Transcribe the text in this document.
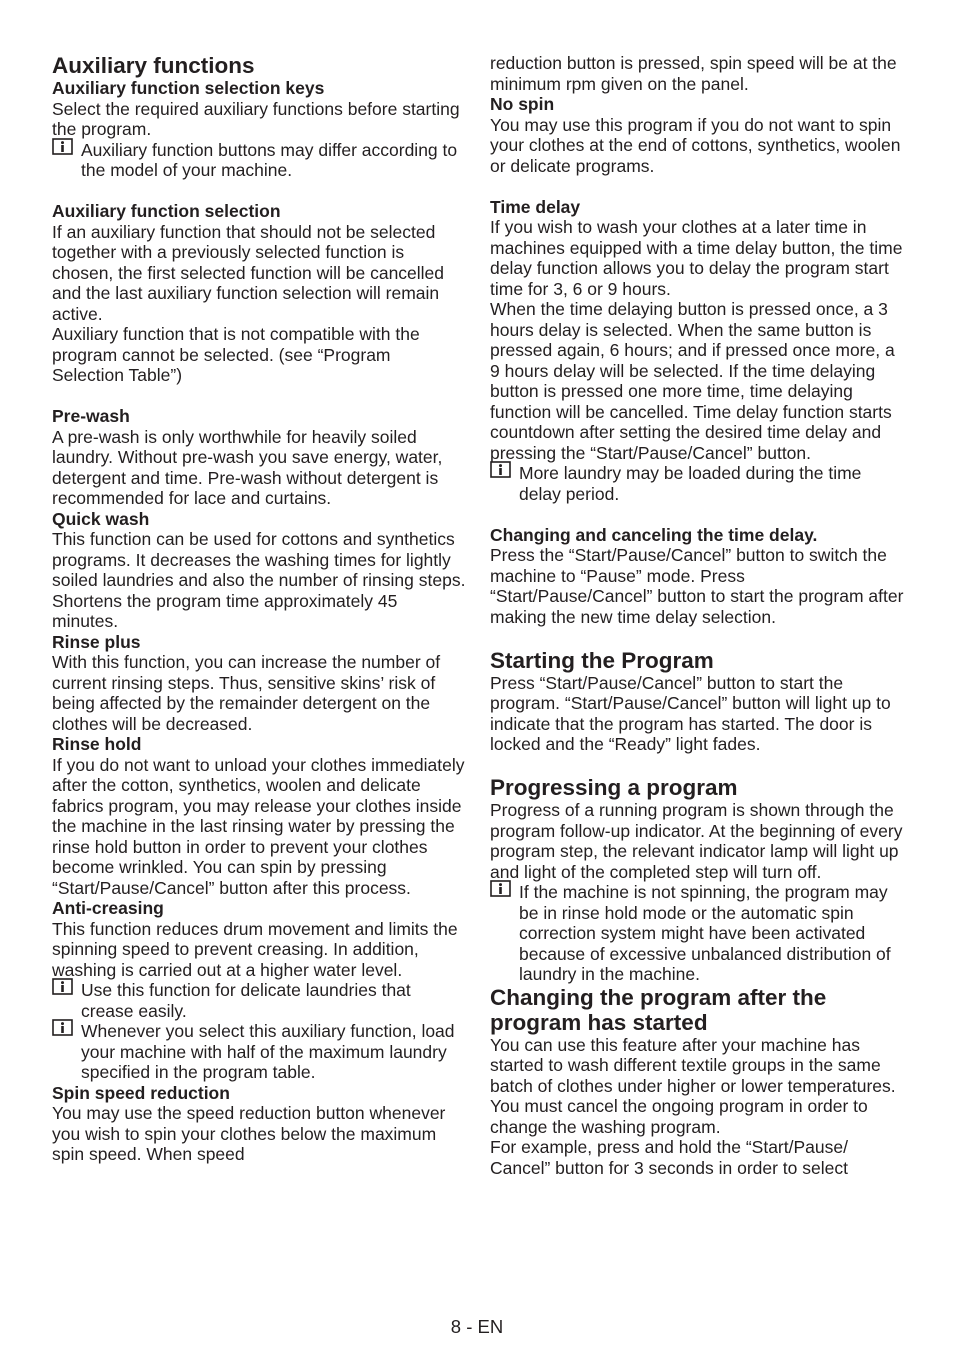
Auxiliary functions
Auxiliary function selection keys
Select the required auxiliary functions before starting the program.
Auxiliary function buttons may differ according to the model of your machine.
Auxiliary function selection
If an auxiliary function that should not be selected together with a previously selected function is chosen, the first selected function will be cancelled and the last auxiliary function selection will remain active.
Auxiliary function that is not compatible with the program cannot be selected. (see “Program Selection Table”)
Pre-wash
A pre-wash is only worthwhile for heavily soiled laundry. Without pre-wash you save energy, water, detergent and time. Pre-wash without detergent is recommended for lace and curtains.
Quick wash
This function can be used for cottons and synthetics programs. It decreases the washing times for lightly soiled laundries and also the number of rinsing steps. Shortens the program time approximately 45 minutes.
Rinse plus
With this function, you can increase the number of current rinsing steps. Thus, sensitive skins’ risk of being affected by the remainder detergent on the clothes will be decreased.
Rinse hold
If you do not want to unload your clothes immediately after the cotton, synthetics, woolen and delicate fabrics program, you may release your clothes inside the machine in the last rinsing water by pressing the rinse hold button in order to prevent your clothes become wrinkled. You can spin by pressing “Start/Pause/Cancel” button after this process.
Anti-creasing
This function reduces drum movement and limits the spinning speed to prevent creasing. In addition, washing is carried out at a higher water level.
Use this function for delicate laundries that crease easily.
Whenever you select this auxiliary function, load your machine with half of the maximum laundry specified in the program table.
Spin speed reduction
You may use the speed reduction button whenever you wish to spin your clothes below the maximum spin speed. When speed
reduction button is pressed, spin speed will be at the minimum rpm given on the panel.
No spin
You may use this program if you do not want to spin your clothes at the end of cottons, synthetics, woolen or delicate programs.
Time delay
If you wish to wash your clothes at a later time in machines equipped with a time delay button, the time delay function allows you to delay the program start time for 3, 6 or 9 hours.
When the time delaying button is pressed once, a 3 hours delay is selected. When the same button is pressed again, 6 hours; and if pressed once more, a 9 hours delay will be selected. If the time delaying button is pressed one more time, time delaying function will be cancelled. Time delay function starts countdown after setting the desired time delay and pressing the “Start/Pause/Cancel” button.
More laundry may be loaded during the time delay period.
Changing and canceling the time delay.
Press the “Start/Pause/Cancel” button to switch the machine to “Pause” mode. Press “Start/Pause/Cancel” button to start the program after making the new time delay selection.
Starting the Program
Press “Start/Pause/Cancel” button to start the program. “Start/Pause/Cancel” button will light up to indicate that the program has started. The door is locked and the “Ready” light fades.
Progressing a program
Progress of a running program is shown through the program follow-up indicator. At the beginning of every program step, the relevant indicator lamp will light up and light of the completed step will turn off.
If the machine is not spinning, the program may be in rinse hold mode or the automatic spin correction system might have been activated because of excessive unbalanced distribution of laundry in the machine.
Changing the program after the program has started
You can use this feature after your machine has started to wash different textile groups in the same batch of clothes under higher or lower temperatures. You must cancel the ongoing program in order to change the washing program.
For example, press and hold the “Start/Pause/ Cancel” button for 3 seconds in order to select
8 - EN
